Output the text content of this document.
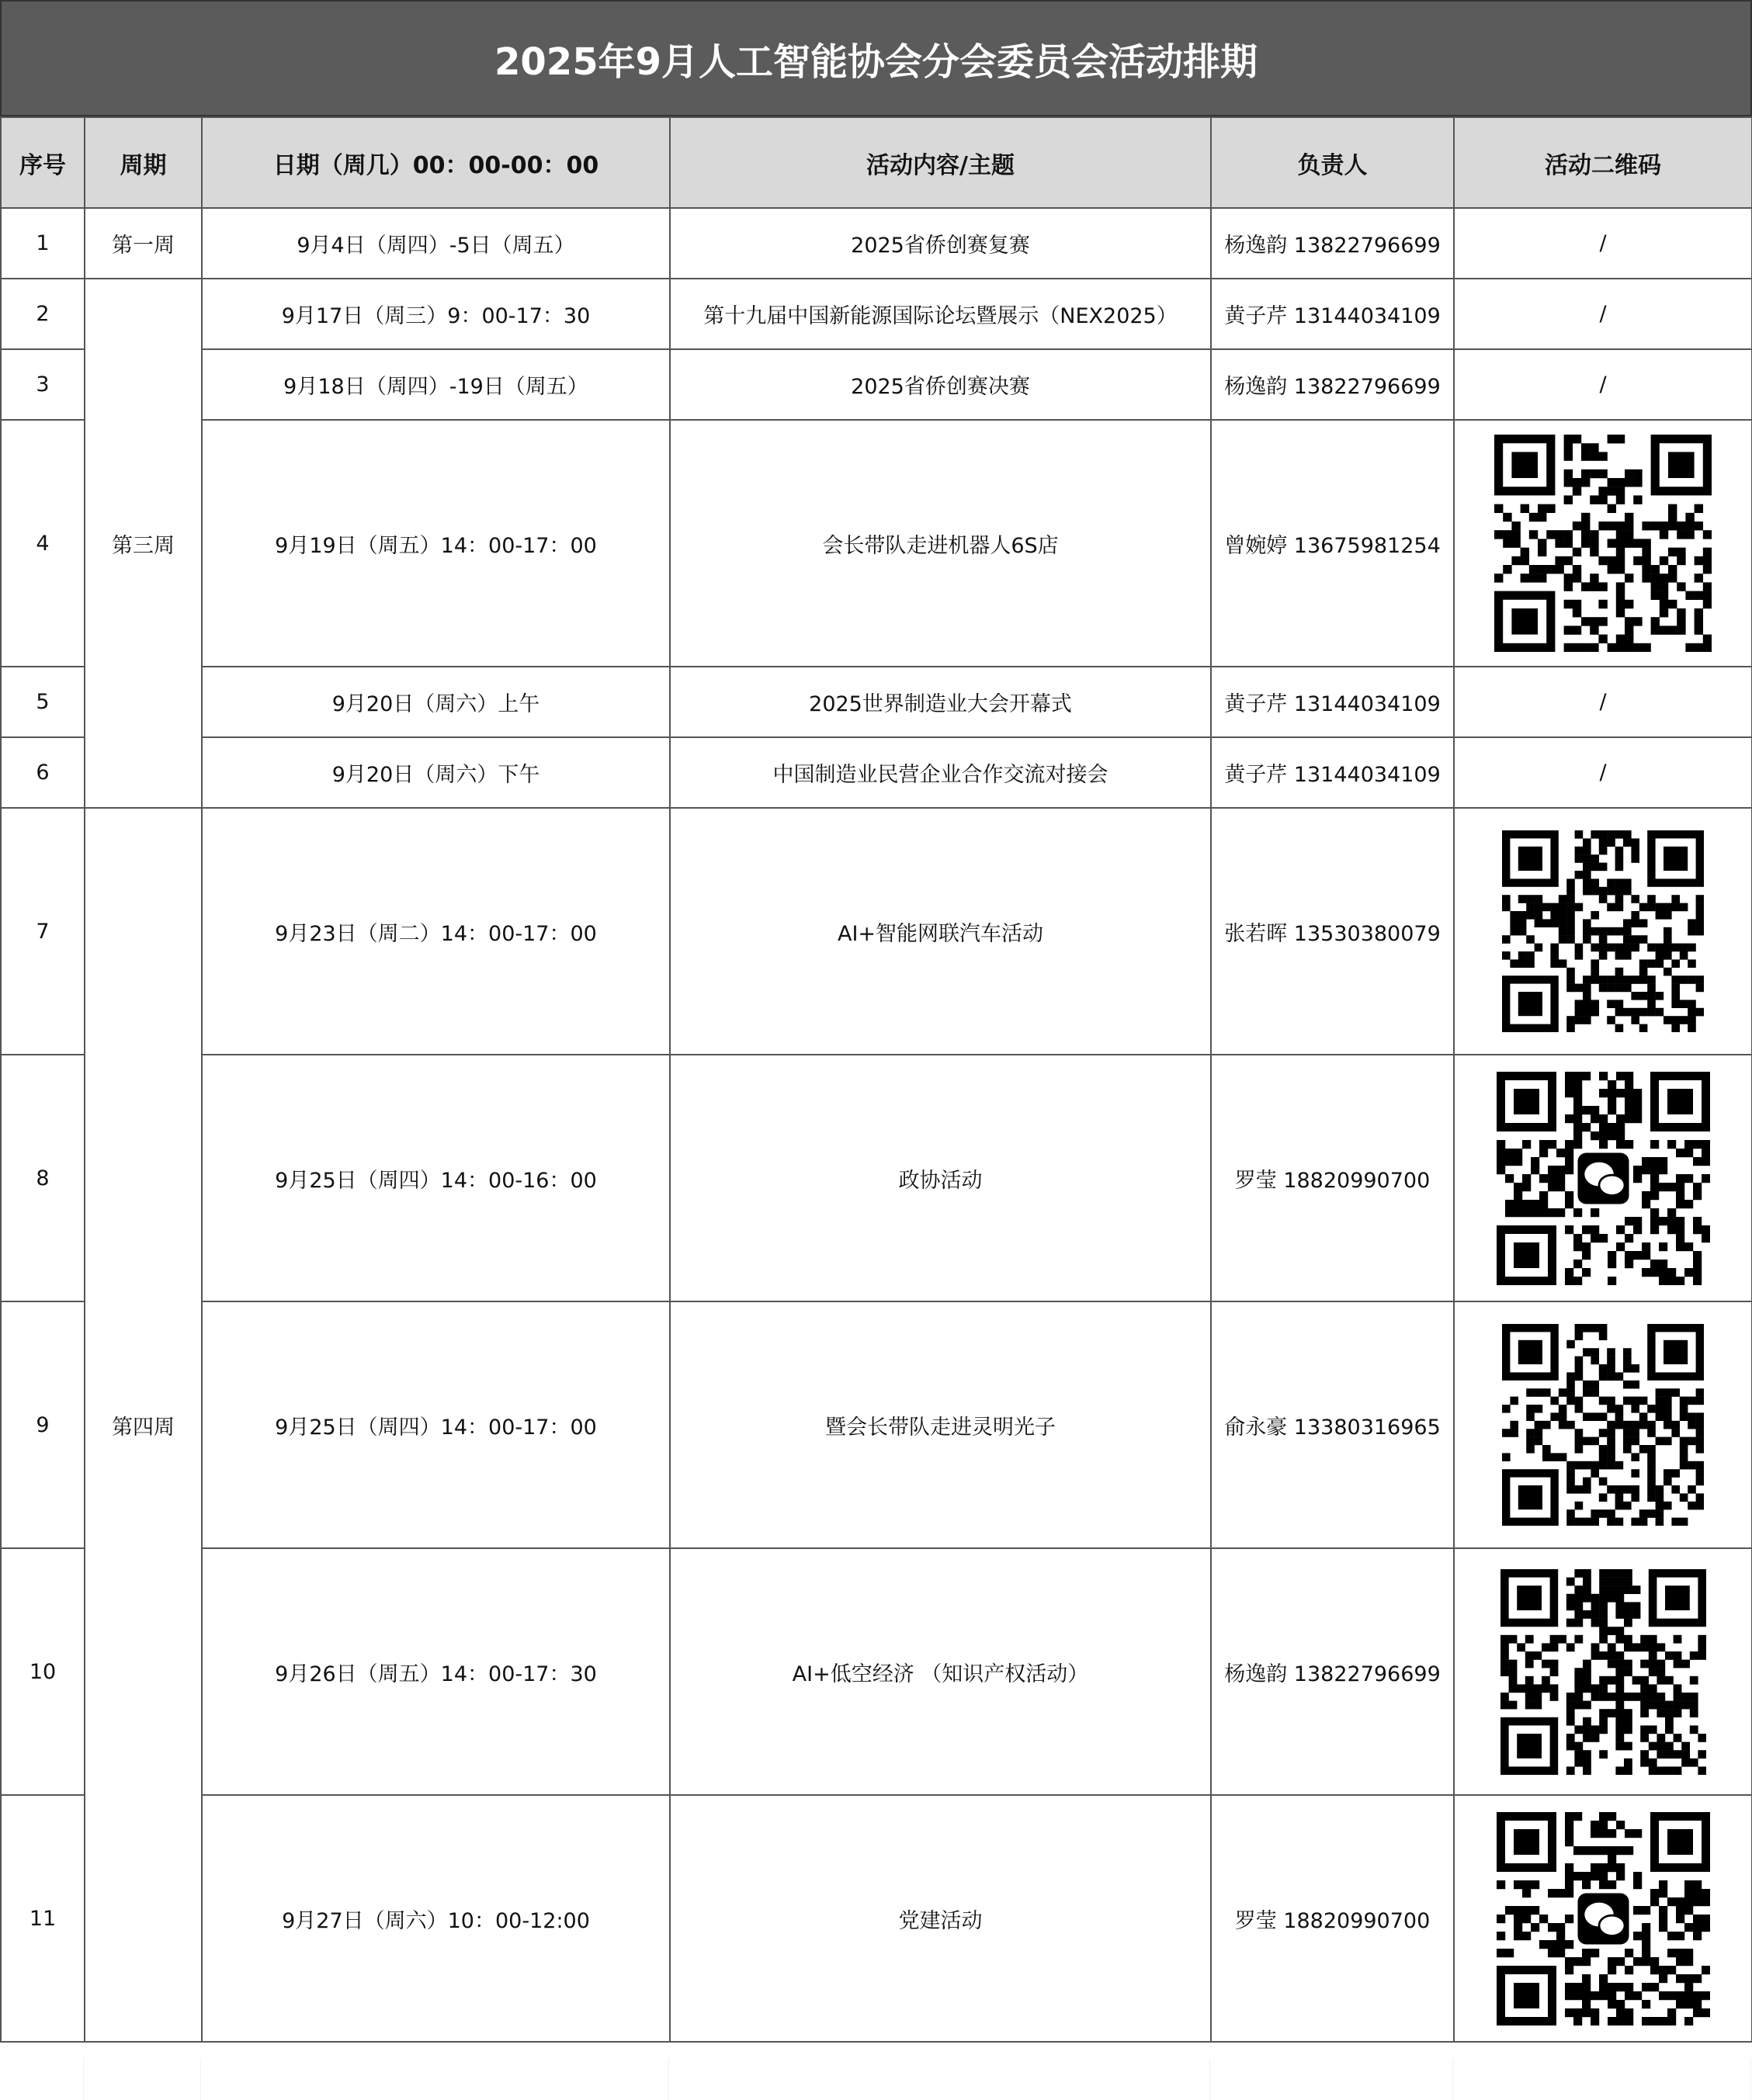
2025年9月人工智能协会分会委员会活动排期
序号	周期	日期（周几）00：00-00：00	活动内容/主题	负责人	活动二维码
1	第一周	9月4日（周四）-5日（周五）	2025省侨创赛复赛	杨逸韵 13822796699	/
2	第三周	9月17日（周三）9：00-17：30	第十九届中国新能源国际论坛暨展示（NEX2025）	黄子芹 13144034109	/
3		9月18日（周四）-19日（周五）	2025省侨创赛决赛	杨逸韵 13822796699	/
4		9月19日（周五）14：00-17：00	会长带队走进机器人6S店	曾婉婷 13675981254	

5		9月20日（周六）上午	2025世界制造业大会开幕式	黄子芹 13144034109	/
6		9月20日（周六）下午	中国制造业民营企业合作交流对接会	黄子芹 13144034109	/
7	第四周	9月23日（周二）14：00-17：00	AI+智能网联汽车活动	张若晖 13530380079	

8		9月25日（周四）14：00-16：00	政协活动	罗莹 18820990700	

9		9月25日（周四）14：00-17：00	暨会长带队走进灵明光子	俞永豪 13380316965	

10		9月26日（周五）14：00-17：30	AI+低空经济 （知识产权活动）	杨逸韵 13822796699	

11		9月27日（周六）10：00-12:00	党建活动	罗莹 18820990700	
